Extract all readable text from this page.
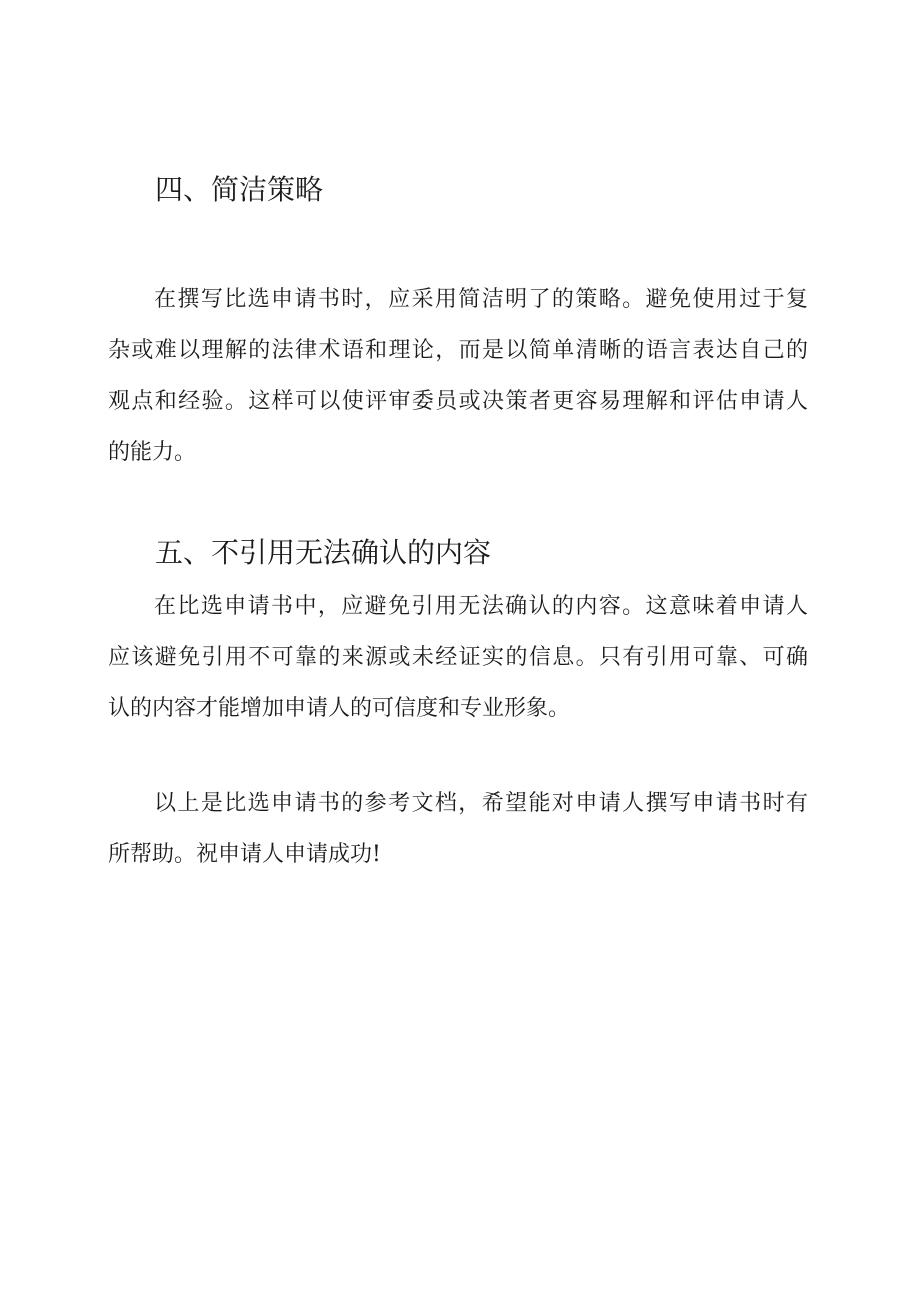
四、简洁策略
在撰写比选申请书时，应采用简洁明了的策略。避免使用过于复
杂或难以理解的法律术语和理论，而是以简单清晰的语言表达自己的
观点和经验。这样可以使评审委员或决策者更容易理解和评估申请人
的能力。
五、不引用无法确认的内容
在比选申请书中，应避免引用无法确认的内容。这意味着申请人
应该避免引用不可靠的来源或未经证实的信息。只有引用可靠、可确
认的内容才能增加申请人的可信度和专业形象。
以上是比选申请书的参考文档，希望能对申请人撰写申请书时有
所帮助。祝申请人申请成功!
